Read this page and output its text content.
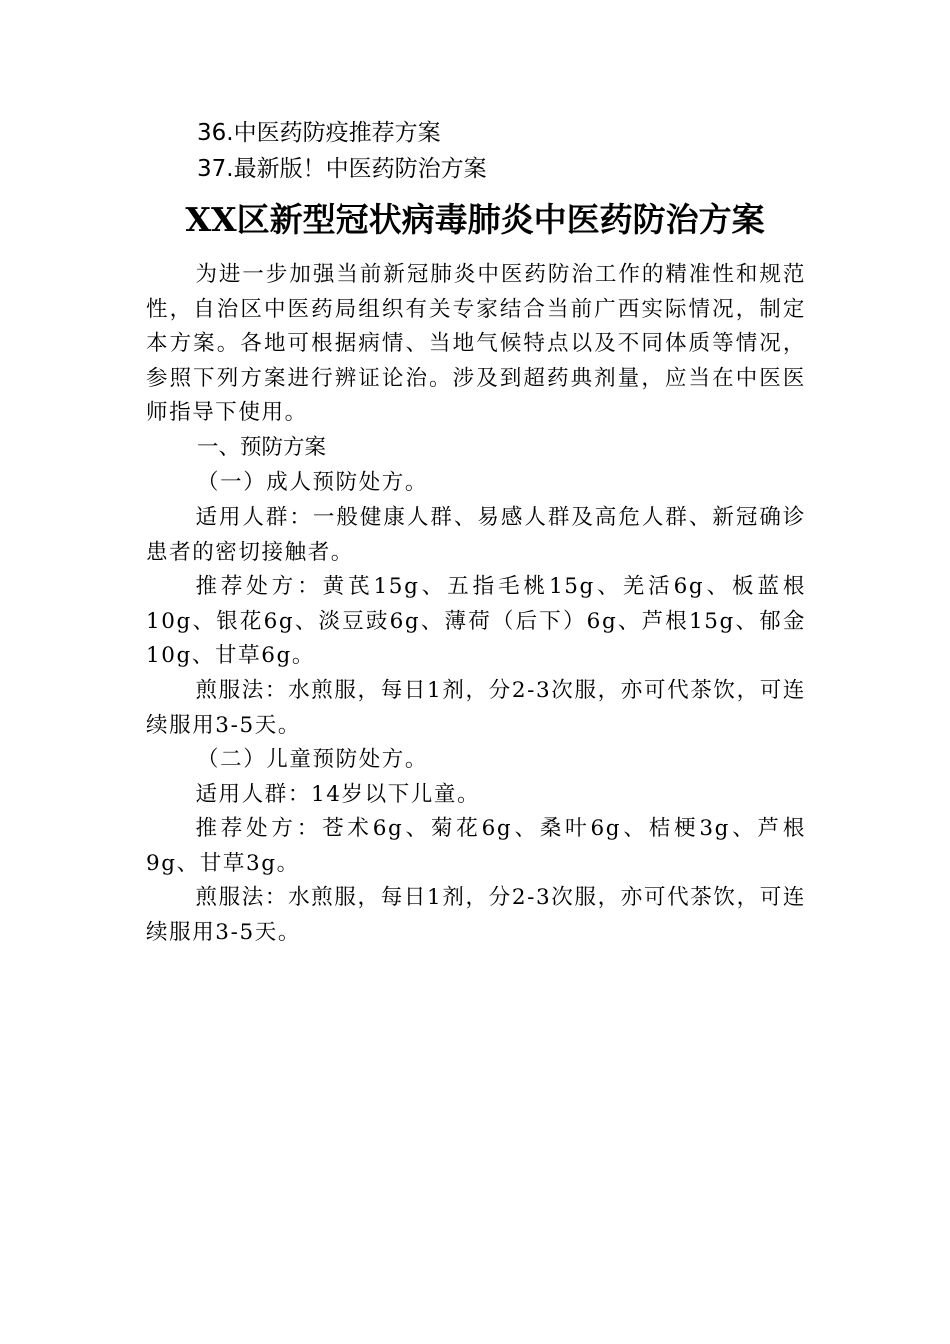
36.中医药防疫推荐方案
37.最新版！中医药防治方案
XX区新型冠状病毒肺炎中医药防治方案
为进一步加强当前新冠肺炎中医药防治工作的精准性和规范性，自治区中医药局组织有关专家结合当前广西实际情况，制定本方案。各地可根据病情、当地气候特点以及不同体质等情况，参照下列方案进行辨证论治。涉及到超药典剂量，应当在中医医师指导下使用。
一、预防方案
（一）成人预防处方。
适用人群：一般健康人群、易感人群及高危人群、新冠确诊患者的密切接触者。
推荐处方：黄芪15g、五指毛桃15g、羌活6g、板蓝根10g、银花6g、淡豆豉6g、薄荷（后下）6g、芦根15g、郁金10g、甘草6g。
煎服法：水煎服，每日1剂，分2-3次服，亦可代茶饮，可连续服用3-5天。
（二）儿童预防处方。
适用人群：14岁以下儿童。
推荐处方：苍术6g、菊花6g、桑叶6g、桔梗3g、芦根9g、甘草3g。
煎服法：水煎服，每日1剂，分2-3次服，亦可代茶饮，可连续服用3-5天。
